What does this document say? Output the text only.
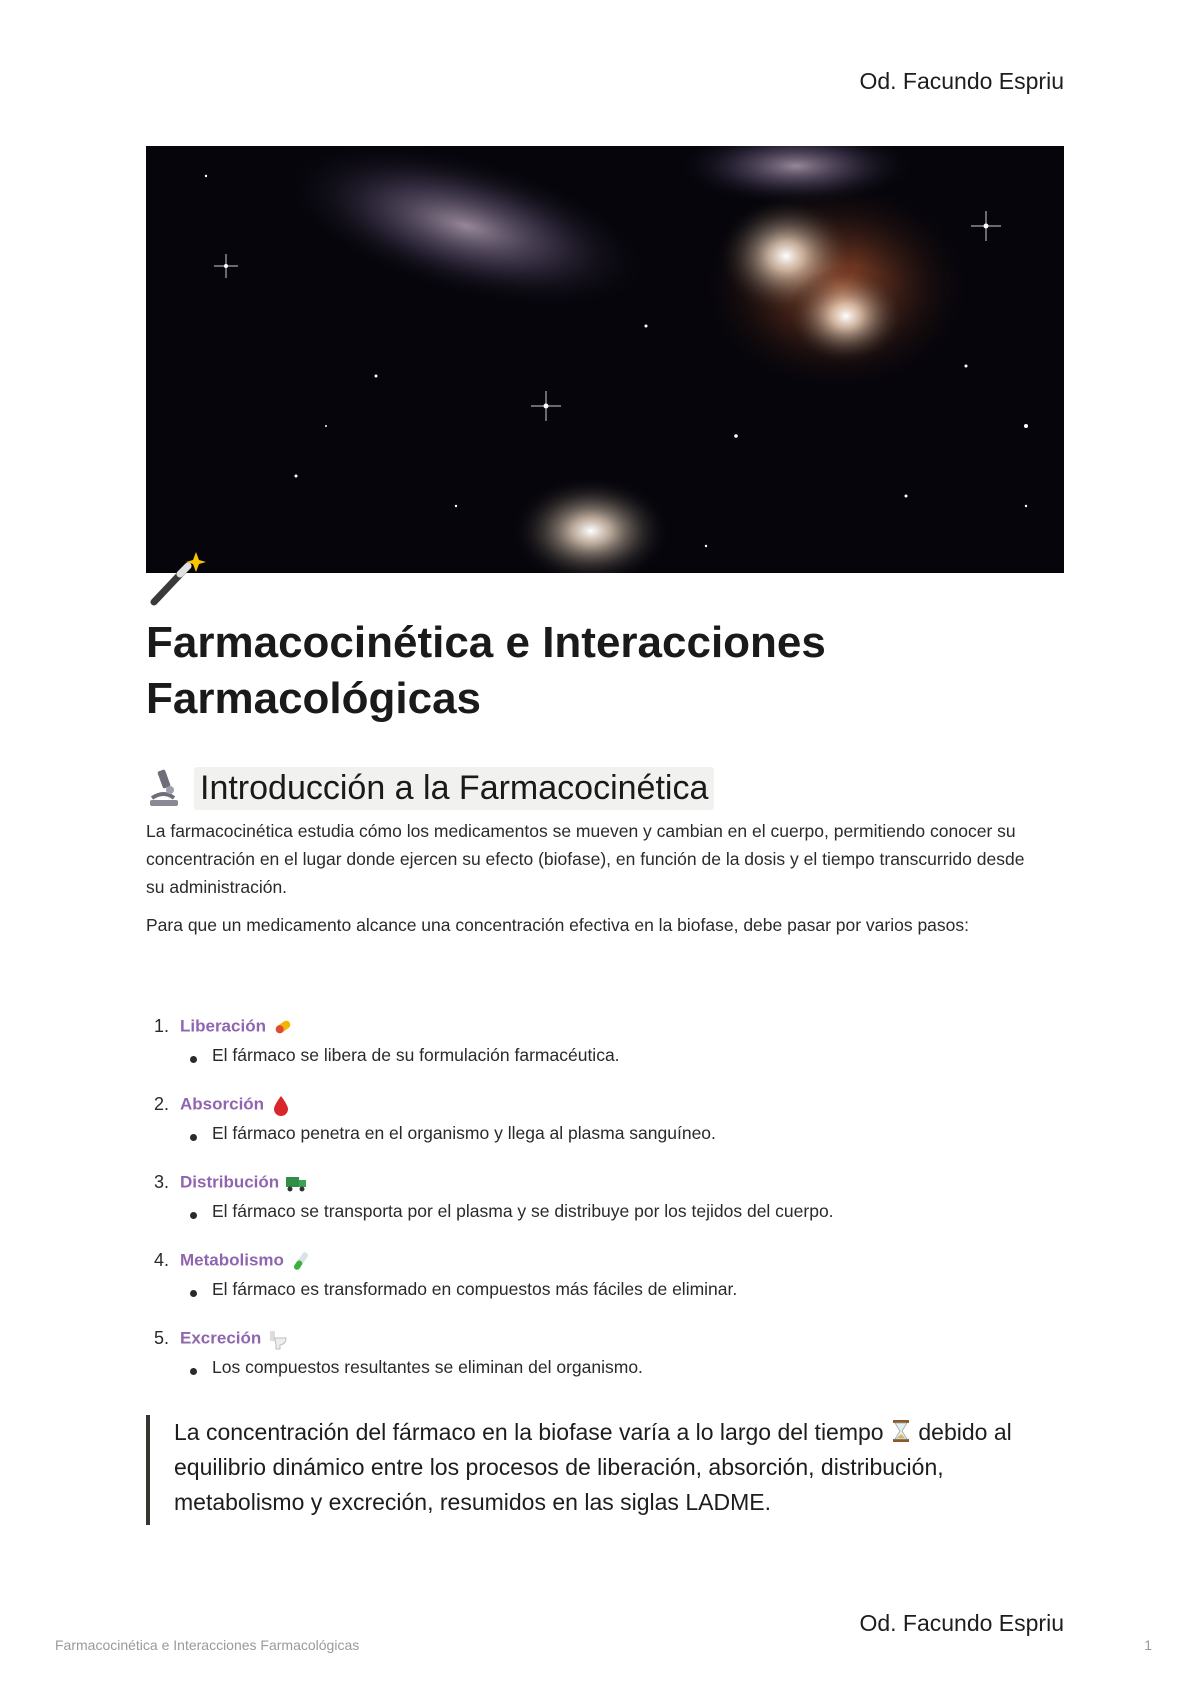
Od. Facundo Espriu
Farmacocinética e Interacciones Farmacológicas
Introducción a la Farmacocinética

La farmacocinética estudia cómo los medicamentos se mueven y cambian en el cuerpo, permitiendo conocer su concentración en el lugar donde ejercen su efecto (biofase), en función de la dosis y el tiempo transcurrido desde su administración.

Para que un medicamento alcance una concentración efectiva en la biofase, debe pasar por varios pasos:

1. Liberación
El fármaco se libera de su formulación farmacéutica.
2. Absorción
El fármaco penetra en el organismo y llega al plasma sanguíneo.
3. Distribución
El fármaco se transporta por el plasma y se distribuye por los tejidos del cuerpo.
4. Metabolismo
El fármaco es transformado en compuestos más fáciles de eliminar.
5. Excreción
Los compuestos resultantes se eliminan del organismo.

La concentración del fármaco en la biofase varía a lo largo del tiempo debido al equilibrio dinámico entre los procesos de liberación, absorción, distribución, metabolismo y excreción, resumidos en las siglas LADME.

Od. Facundo Espriu
Farmacocinética e Interacciones Farmacológicas	1
